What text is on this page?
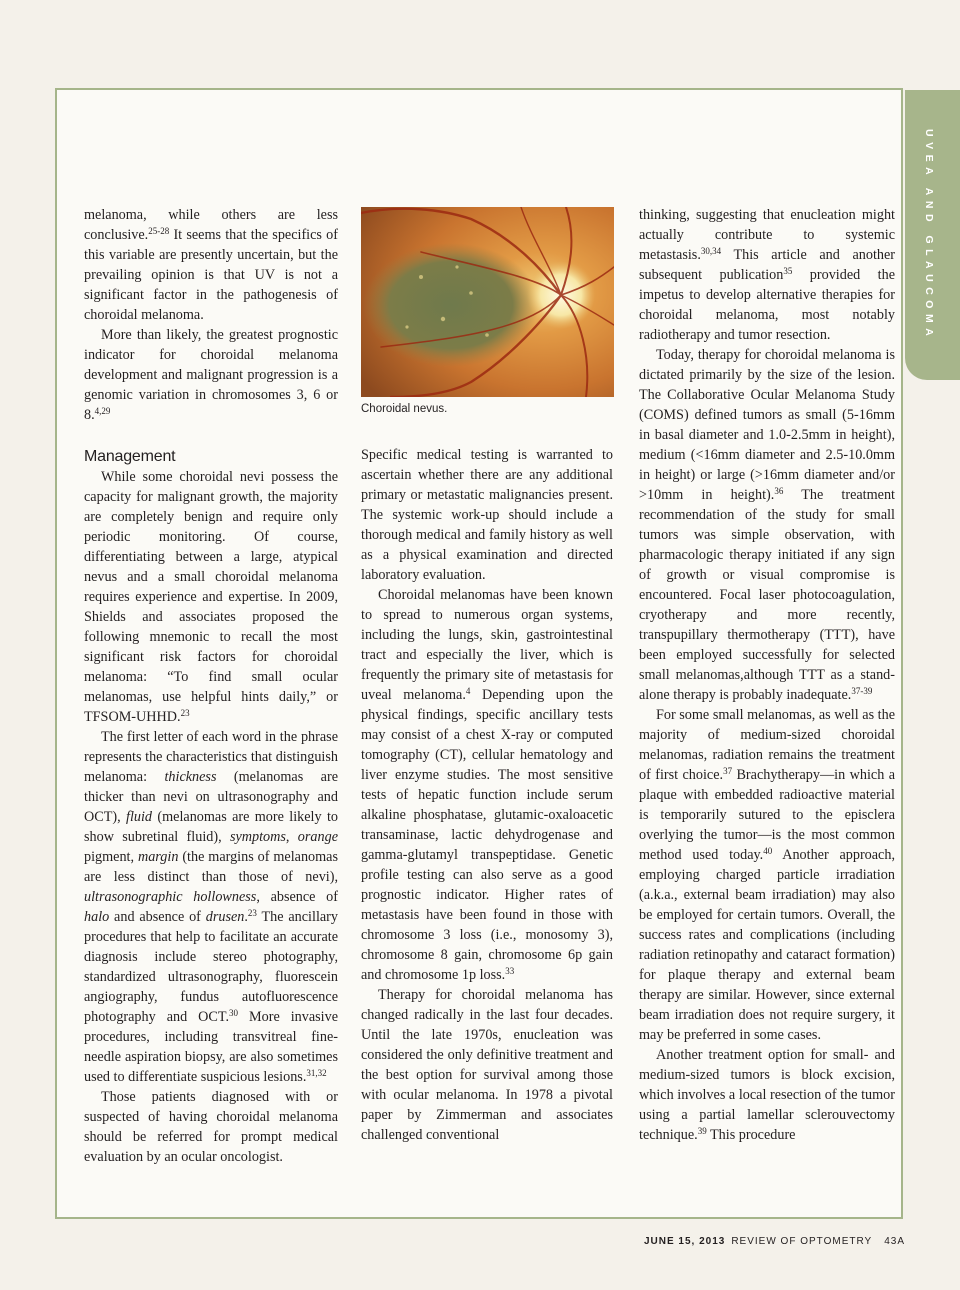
UVEA AND GLAUCOMA

melanoma, while others are less conclusive.$^{25-28}$ It seems that the specifics of this variable are presently uncertain, but the prevailing opinion is that UV is not a significant factor in the pathogenesis of choroidal melanoma.

More than likely, the greatest prognostic indicator for choroidal melanoma development and malignant progression is a genomic variation in chromosomes 3, 6 or 8.$^{4,29}$

Management

While some choroidal nevi possess the capacity for malignant growth, the majority are completely benign and require only periodic monitoring. Of course, differentiating between a large, atypical nevus and a small choroidal melanoma requires experience and expertise. In 2009, Shields and associates proposed the following mnemonic to recall the most significant risk factors for choroidal melanoma: “To find small ocular melanomas, use helpful hints daily,” or TFSOM-UHHD.$^{23}$

The first letter of each word in the phrase represents the characteristics that distinguish melanoma: thickness (melanomas are thicker than nevi on ultrasonography and OCT), fluid (melanomas are more likely to show subretinal fluid), symptoms, orange pigment, margin (the margins of melanomas are less distinct than those of nevi), ultrasonographic hollowness, absence of halo and absence of drusen.$^{23}$ The ancillary procedures that help to facilitate an accurate diagnosis include stereo photography, standardized ultrasonography, fluorescein angiography, fundus autofluorescence photography and OCT.$^{30}$ More invasive procedures, including transvitreal fine-needle aspiration biopsy, are also sometimes used to differentiate suspicious lesions.$^{31,32}$

Those patients diagnosed with or suspected of having choroidal melanoma should be referred for prompt medical evaluation by an ocular oncologist.

Choroidal nevus.

Specific medical testing is warranted to ascertain whether there are any additional primary or metastatic malignancies present. The systemic work-up should include a thorough medical and family history as well as a physical examination and directed laboratory evaluation.

Choroidal melanomas have been known to spread to numerous organ systems, including the lungs, skin, gastrointestinal tract and especially the liver, which is frequently the primary site of metastasis for uveal melanoma.$^4$ Depending upon the physical findings, specific ancillary tests may consist of a chest X-ray or computed tomography (CT), cellular hematology and liver enzyme studies. The most sensitive tests of hepatic function include serum alkaline phosphatase, glutamic-oxaloacetic transaminase, lactic dehydrogenase and gamma-glutamyl transpeptidase. Genetic profile testing can also serve as a good prognostic indicator. Higher rates of metastasis have been found in those with chromosome 3 loss (i.e., monosomy 3), chromosome 8 gain, chromosome 6p gain and chromosome 1p loss.$^{33}$

Therapy for choroidal melanoma has changed radically in the last four decades. Until the late 1970s, enucleation was considered the only definitive treatment and the best option for survival among those with ocular melanoma. In 1978 a pivotal paper by Zimmerman and associates challenged conventional

thinking, suggesting that enucleation might actually contribute to systemic metastasis.$^{30,34}$ This article and another subsequent publication$^{35}$ provided the impetus to develop alternative therapies for choroidal melanoma, most notably radiotherapy and tumor resection.

Today, therapy for choroidal melanoma is dictated primarily by the size of the lesion. The Collaborative Ocular Melanoma Study (COMS) defined tumors as small (5-16mm in basal diameter and 1.0-2.5mm in height), medium (<16mm diameter and 2.5-10.0mm in height) or large (>16mm diameter and/or >10mm in height).$^{36}$ The treatment recommendation of the study for small tumors was simple observation, with pharmacologic therapy initiated if any sign of growth or visual compromise is encountered. Focal laser photocoagulation, cryotherapy and more recently, transpupillary thermotherapy (TTT), have been employed successfully for selected small melanomas,although TTT as a stand-alone therapy is probably inadequate.$^{37-39}$

For some small melanomas, as well as the majority of medium-sized choroidal melanomas, radiation remains the treatment of first choice.$^{37}$ Brachytherapy—in which a plaque with embedded radioactive material is temporarily sutured to the episclera overlying the tumor—is the most common method used today.$^{40}$ Another approach, employing charged particle irradiation (a.k.a., external beam irradiation) may also be employed for certain tumors. Overall, the success rates and complications (including radiation retinopathy and cataract formation) for plaque therapy and external beam therapy are similar. However, since external beam irradiation does not require surgery, it may be preferred in some cases.

Another treatment option for small- and medium-sized tumors is block excision, which involves a local resection of the tumor using a partial lamellar sclerouvectomy technique.$^{39}$ This procedure

JUNE 15, 2013 REVIEW OF OPTOMETRY 43A
